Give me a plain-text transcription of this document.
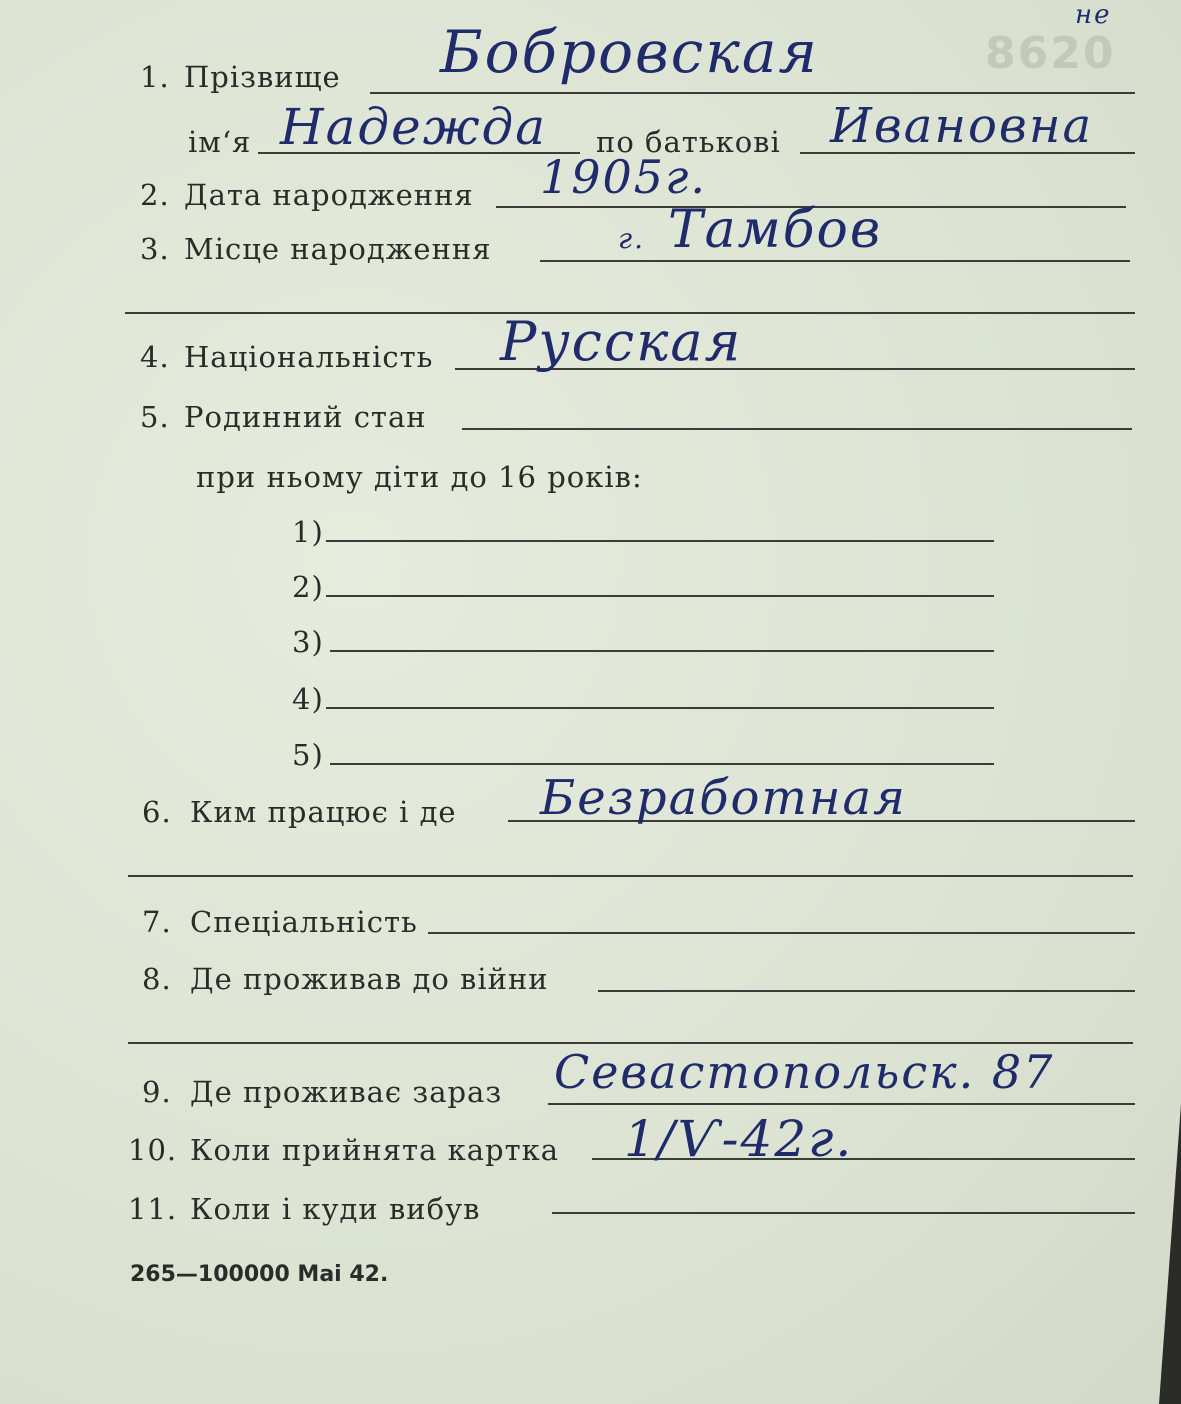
8620
не
1. Прізвище Бобровская
ім‘я Надежда по батькові Ивановна
2. Дата народження 1905г.
3. Місце народження	г. Тамбов
4. Національність Русская
5. Родинний стан
при ньому діти до 16 років:
1)
2)
3)
4)
5)
6. Ким працює і де Безработная
7. Спеціальність
8. Де проживав до війни
9. Де проживає зараз Севастопольск. 87
10. Коли прийнята картка 1/Ѵ-42г.
11. Коли і куди вибув
265—100000 Mai 42.
